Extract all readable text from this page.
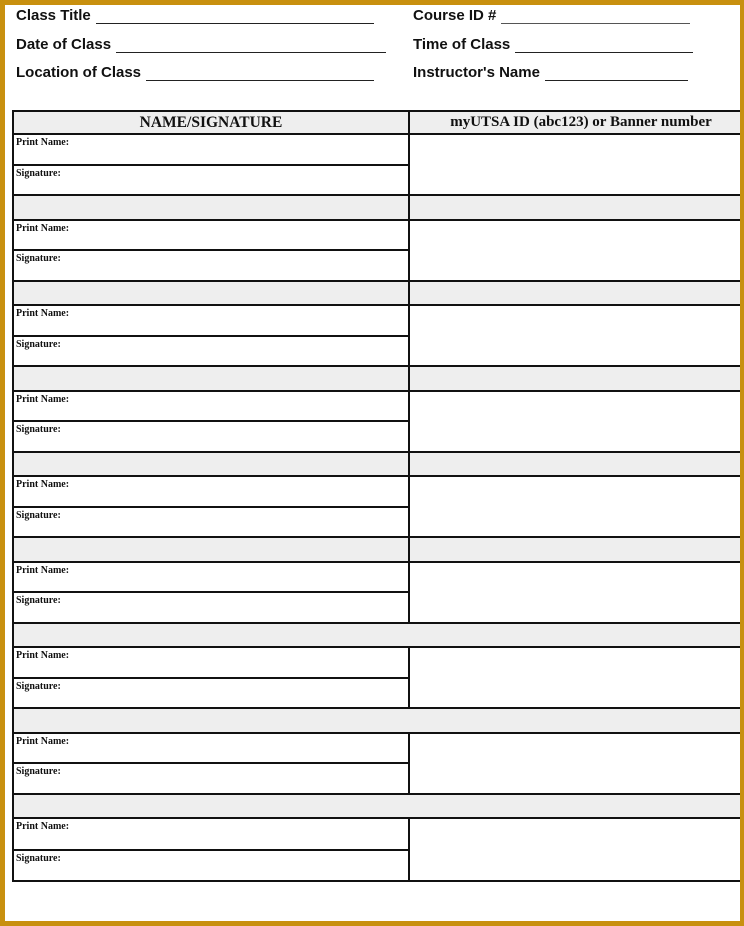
Class Title
Date of Class
Location of Class
Course ID #
Time of Class
Instructor's Name
NAME/SIGNATURE	myUTSA ID (abc123) or Banner number
Print Name:
Signature:
Print Name:
Signature:
Print Name:
Signature:
Print Name:
Signature:
Print Name:
Signature:
Print Name:
Signature:
Print Name:
Signature:
Print Name:
Signature:
Print Name:
Signature:
